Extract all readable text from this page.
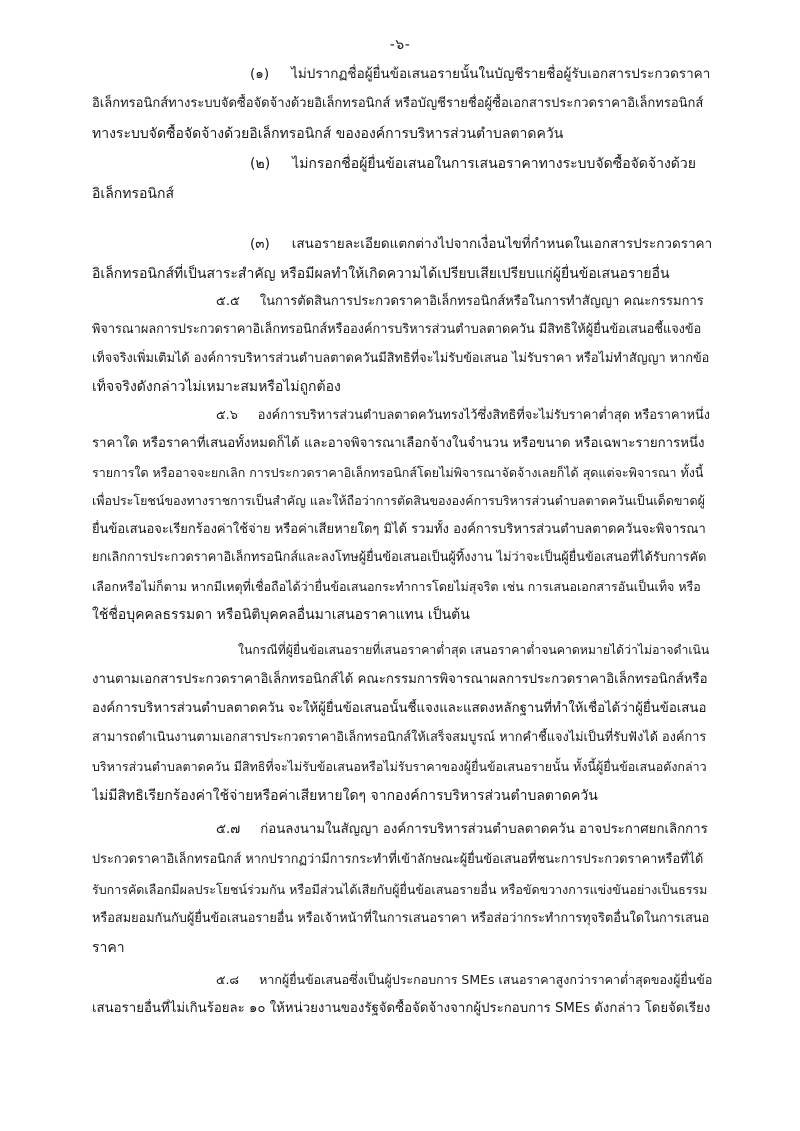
-๖-
(๑) ไม่ปรากฏชื่อผู้ยื่นข้อเสนอรายนั้นในบัญชีรายชื่อผู้รับเอกสารประกวดราคา
อิเล็กทรอนิกส์ทางระบบจัดซื้อจัดจ้างด้วยอิเล็กทรอนิกส์ หรือบัญชีรายชื่อผู้ซื้อเอกสารประกวดราคาอิเล็กทรอนิกส์
ทางระบบจัดซื้อจัดจ้างด้วยอิเล็กทรอนิกส์ ขององค์การบริหารส่วนตำบลตาดควัน
(๒) ไม่กรอกชื่อผู้ยื่นข้อเสนอในการเสนอราคาทางระบบจัดซื้อจัดจ้างด้วย
อิเล็กทรอนิกส์
(๓) เสนอรายละเอียดแตกต่างไปจากเงื่อนไขที่กำหนดในเอกสารประกวดราคา
อิเล็กทรอนิกส์ที่เป็นสาระสำคัญ หรือมีผลทำให้เกิดความได้เปรียบเสียเปรียบแก่ผู้ยื่นข้อเสนอรายอื่น
๕.๕ ในการตัดสินการประกวดราคาอิเล็กทรอนิกส์หรือในการทำสัญญา คณะกรรมการ
พิจารณาผลการประกวดราคาอิเล็กทรอนิกส์หรือองค์การบริหารส่วนตำบลตาดควัน มีสิทธิให้ผู้ยื่นข้อเสนอชี้แจงข้อ
เท็จจริงเพิ่มเติมได้ องค์การบริหารส่วนตำบลตาดควันมีสิทธิที่จะไม่รับข้อเสนอ ไม่รับราคา หรือไม่ทำสัญญา หากข้อ
เท็จจริงดังกล่าวไม่เหมาะสมหรือไม่ถูกต้อง
๕.๖ องค์การบริหารส่วนตำบลตาดควันทรงไว้ซึ่งสิทธิที่จะไม่รับราคาต่ำสุด หรือราคาหนึ่ง
ราคาใด หรือราคาที่เสนอทั้งหมดก็ได้ และอาจพิจารณาเลือกจ้างในจำนวน หรือขนาด หรือเฉพาะรายการหนึ่ง
รายการใด หรืออาจจะยกเลิก การประกวดราคาอิเล็กทรอนิกส์โดยไม่พิจารณาจัดจ้างเลยก็ได้ สุดแต่จะพิจารณา ทั้งนี้
เพื่อประโยชน์ของทางราชการเป็นสำคัญ และให้ถือว่าการตัดสินขององค์การบริหารส่วนตำบลตาดควันเป็นเด็ดขาดผู้
ยื่นข้อเสนอจะเรียกร้องค่าใช้จ่าย หรือค่าเสียหายใดๆ มิได้ รวมทั้ง องค์การบริหารส่วนตำบลตาดควันจะพิจารณา
ยกเลิกการประกวดราคาอิเล็กทรอนิกส์และลงโทษผู้ยื่นข้อเสนอเป็นผู้ทิ้งงาน ไม่ว่าจะเป็นผู้ยื่นข้อเสนอที่ได้รับการคัด
เลือกหรือไม่ก็ตาม หากมีเหตุที่เชื่อถือได้ว่ายื่นข้อเสนอกระทำการโดยไม่สุจริต เช่น การเสนอเอกสารอันเป็นเท็จ หรือ
ใช้ชื่อบุคคลธรรมดา หรือนิติบุคคลอื่นมาเสนอราคาแทน เป็นต้น
ในกรณีที่ผู้ยื่นข้อเสนอรายที่เสนอราคาต่ำสุด เสนอราคาต่ำจนคาดหมายได้ว่าไม่อาจดำเนิน
งานตามเอกสารประกวดราคาอิเล็กทรอนิกส์ได้ คณะกรรมการพิจารณาผลการประกวดราคาอิเล็กทรอนิกส์หรือ
องค์การบริหารส่วนตำบลตาดควัน จะให้ผู้ยื่นข้อเสนอนั้นชี้แจงและแสดงหลักฐานที่ทำให้เชื่อได้ว่าผู้ยื่นข้อเสนอ
สามารถดำเนินงานตามเอกสารประกวดราคาอิเล็กทรอนิกส์ให้เสร็จสมบูรณ์ หากคำชี้แจงไม่เป็นที่รับฟังได้ องค์การ
บริหารส่วนตำบลตาดควัน มีสิทธิที่จะไม่รับข้อเสนอหรือไม่รับราคาของผู้ยื่นข้อเสนอรายนั้น ทั้งนี้ผู้ยื่นข้อเสนอดังกล่าว
ไม่มีสิทธิเรียกร้องค่าใช้จ่ายหรือค่าเสียหายใดๆ จากองค์การบริหารส่วนตำบลตาดควัน
๕.๗ ก่อนลงนามในสัญญา องค์การบริหารส่วนตำบลตาดควัน อาจประกาศยกเลิกการ
ประกวดราคาอิเล็กทรอนิกส์ หากปรากฏว่ามีการกระทำที่เข้าลักษณะผู้ยื่นข้อเสนอที่ชนะการประกวดราคาหรือที่ได้
รับการคัดเลือกมีผลประโยชน์ร่วมกัน หรือมีส่วนได้เสียกับผู้ยื่นข้อเสนอรายอื่น หรือขัดขวางการแข่งขันอย่างเป็นธรรม
หรือสมยอมกันกับผู้ยื่นข้อเสนอรายอื่น หรือเจ้าหน้าที่ในการเสนอราคา หรือส่อว่ากระทำการทุจริตอื่นใดในการเสนอ
ราคา
๕.๘ หากผู้ยื่นข้อเสนอซึ่งเป็นผู้ประกอบการ SMEs เสนอราคาสูงกว่าราคาต่ำสุดของผู้ยื่นข้อ
เสนอรายอื่นที่ไม่เกินร้อยละ ๑๐ ให้หน่วยงานของรัฐจัดซื้อจัดจ้างจากผู้ประกอบการ SMEs ดังกล่าว โดยจัดเรียง
